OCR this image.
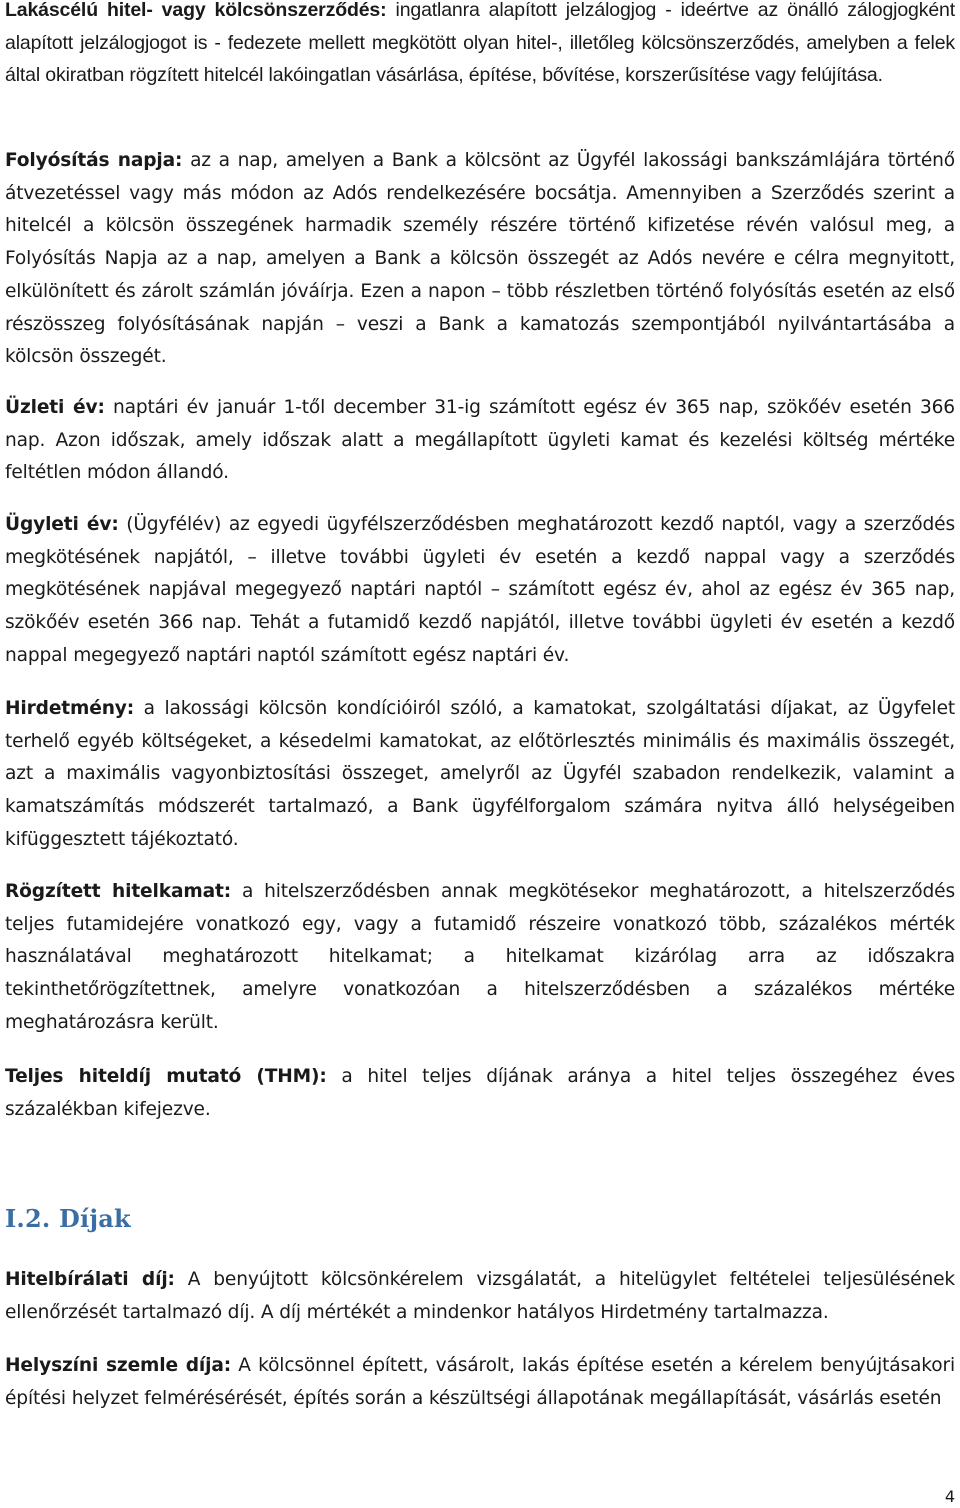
Lakáscélú hitel- vagy kölcsönszerződés: ingatlanra alapított jelzálogjog - ideértve az önálló zálogjogként alapított jelzálogjogot is - fedezete mellett megkötött olyan hitel-, illetőleg kölcsönszerződés, amelyben a felek által okiratban rögzített hitelcél lakóingatlan vásárlása, építése, bővítése, korszerűsítése vagy felújítása.

Folyósítás napja: az a nap, amelyen a Bank a kölcsönt az Ügyfél lakossági bankszámlájára történő átvezetéssel vagy más módon az Adós rendelkezésére bocsátja. Amennyiben a Szerződés szerint a hitelcél a kölcsön összegének harmadik személy részére történő kifizetése révén valósul meg, a Folyósítás Napja az a nap, amelyen a Bank a kölcsön összegét az Adós nevére e célra megnyitott, elkülönített és zárolt számlán jóváírja. Ezen a napon – több részletben történő folyósítás esetén az első részösszeg folyósításának napján – veszi a Bank a kamatozás szempontjából nyilvántartásába a kölcsön összegét.

Üzleti év: naptári év január 1-től december 31-ig számított egész év 365 nap, szökőév esetén 366 nap. Azon időszak, amely időszak alatt a megállapított ügyleti kamat és kezelési költség mértéke feltétlen módon állandó.

Ügyleti év: (Ügyfélév) az egyedi ügyfélszerződésben meghatározott kezdő naptól, vagy a szerződés megkötésének napjától, – illetve további ügyleti év esetén a kezdő nappal vagy a szerződés megkötésének napjával megegyező naptári naptól – számított egész év, ahol az egész év 365 nap, szökőév esetén 366 nap. Tehát a futamidő kezdő napjától, illetve további ügyleti év esetén a kezdő nappal megegyező naptári naptól számított egész naptári év.

Hirdetmény: a lakossági kölcsön kondícióiról szóló, a kamatokat, szolgáltatási díjakat, az Ügyfelet terhelő egyéb költségeket, a késedelmi kamatokat, az előtörlesztés minimális és maximális összegét, azt a maximális vagyonbiztosítási összeget, amelyről az Ügyfél szabadon rendelkezik, valamint a kamatszámítás módszerét tartalmazó, a Bank ügyfélforgalom számára nyitva álló helységeiben kifüggesztett tájékoztató.

Rögzített hitelkamat: a hitelszerződésben annak megkötésekor meghatározott, a hitelszerződés teljes futamidejére vonatkozó egy, vagy a futamidő részeire vonatkozó több, százalékos mérték használatával meghatározott hitelkamat; a hitelkamat kizárólag arra az időszakra tekinthetőrögzítettnek, amelyre vonatkozóan a hitelszerződésben a százalékos mértéke meghatározásra került.

Teljes hiteldíj mutató (THM): a hitel teljes díjának aránya a hitel teljes összegéhez éves százalékban kifejezve.

Hitelbírálati díj: A benyújtott kölcsönkérelem vizsgálatát, a hitelügylet feltételei teljesülésének ellenőrzését tartalmazó díj. A díj mértékét a mindenkor hatályos Hirdetmény tartalmazza.

Helyszíni szemle díja: A kölcsönnel épített, vásárolt, lakás építése esetén a kérelem benyújtásakori építési helyzet felmérésérését, építés során a készültségi állapotának megállapítását, vásárlás esetén

I.2. Díjak
4
